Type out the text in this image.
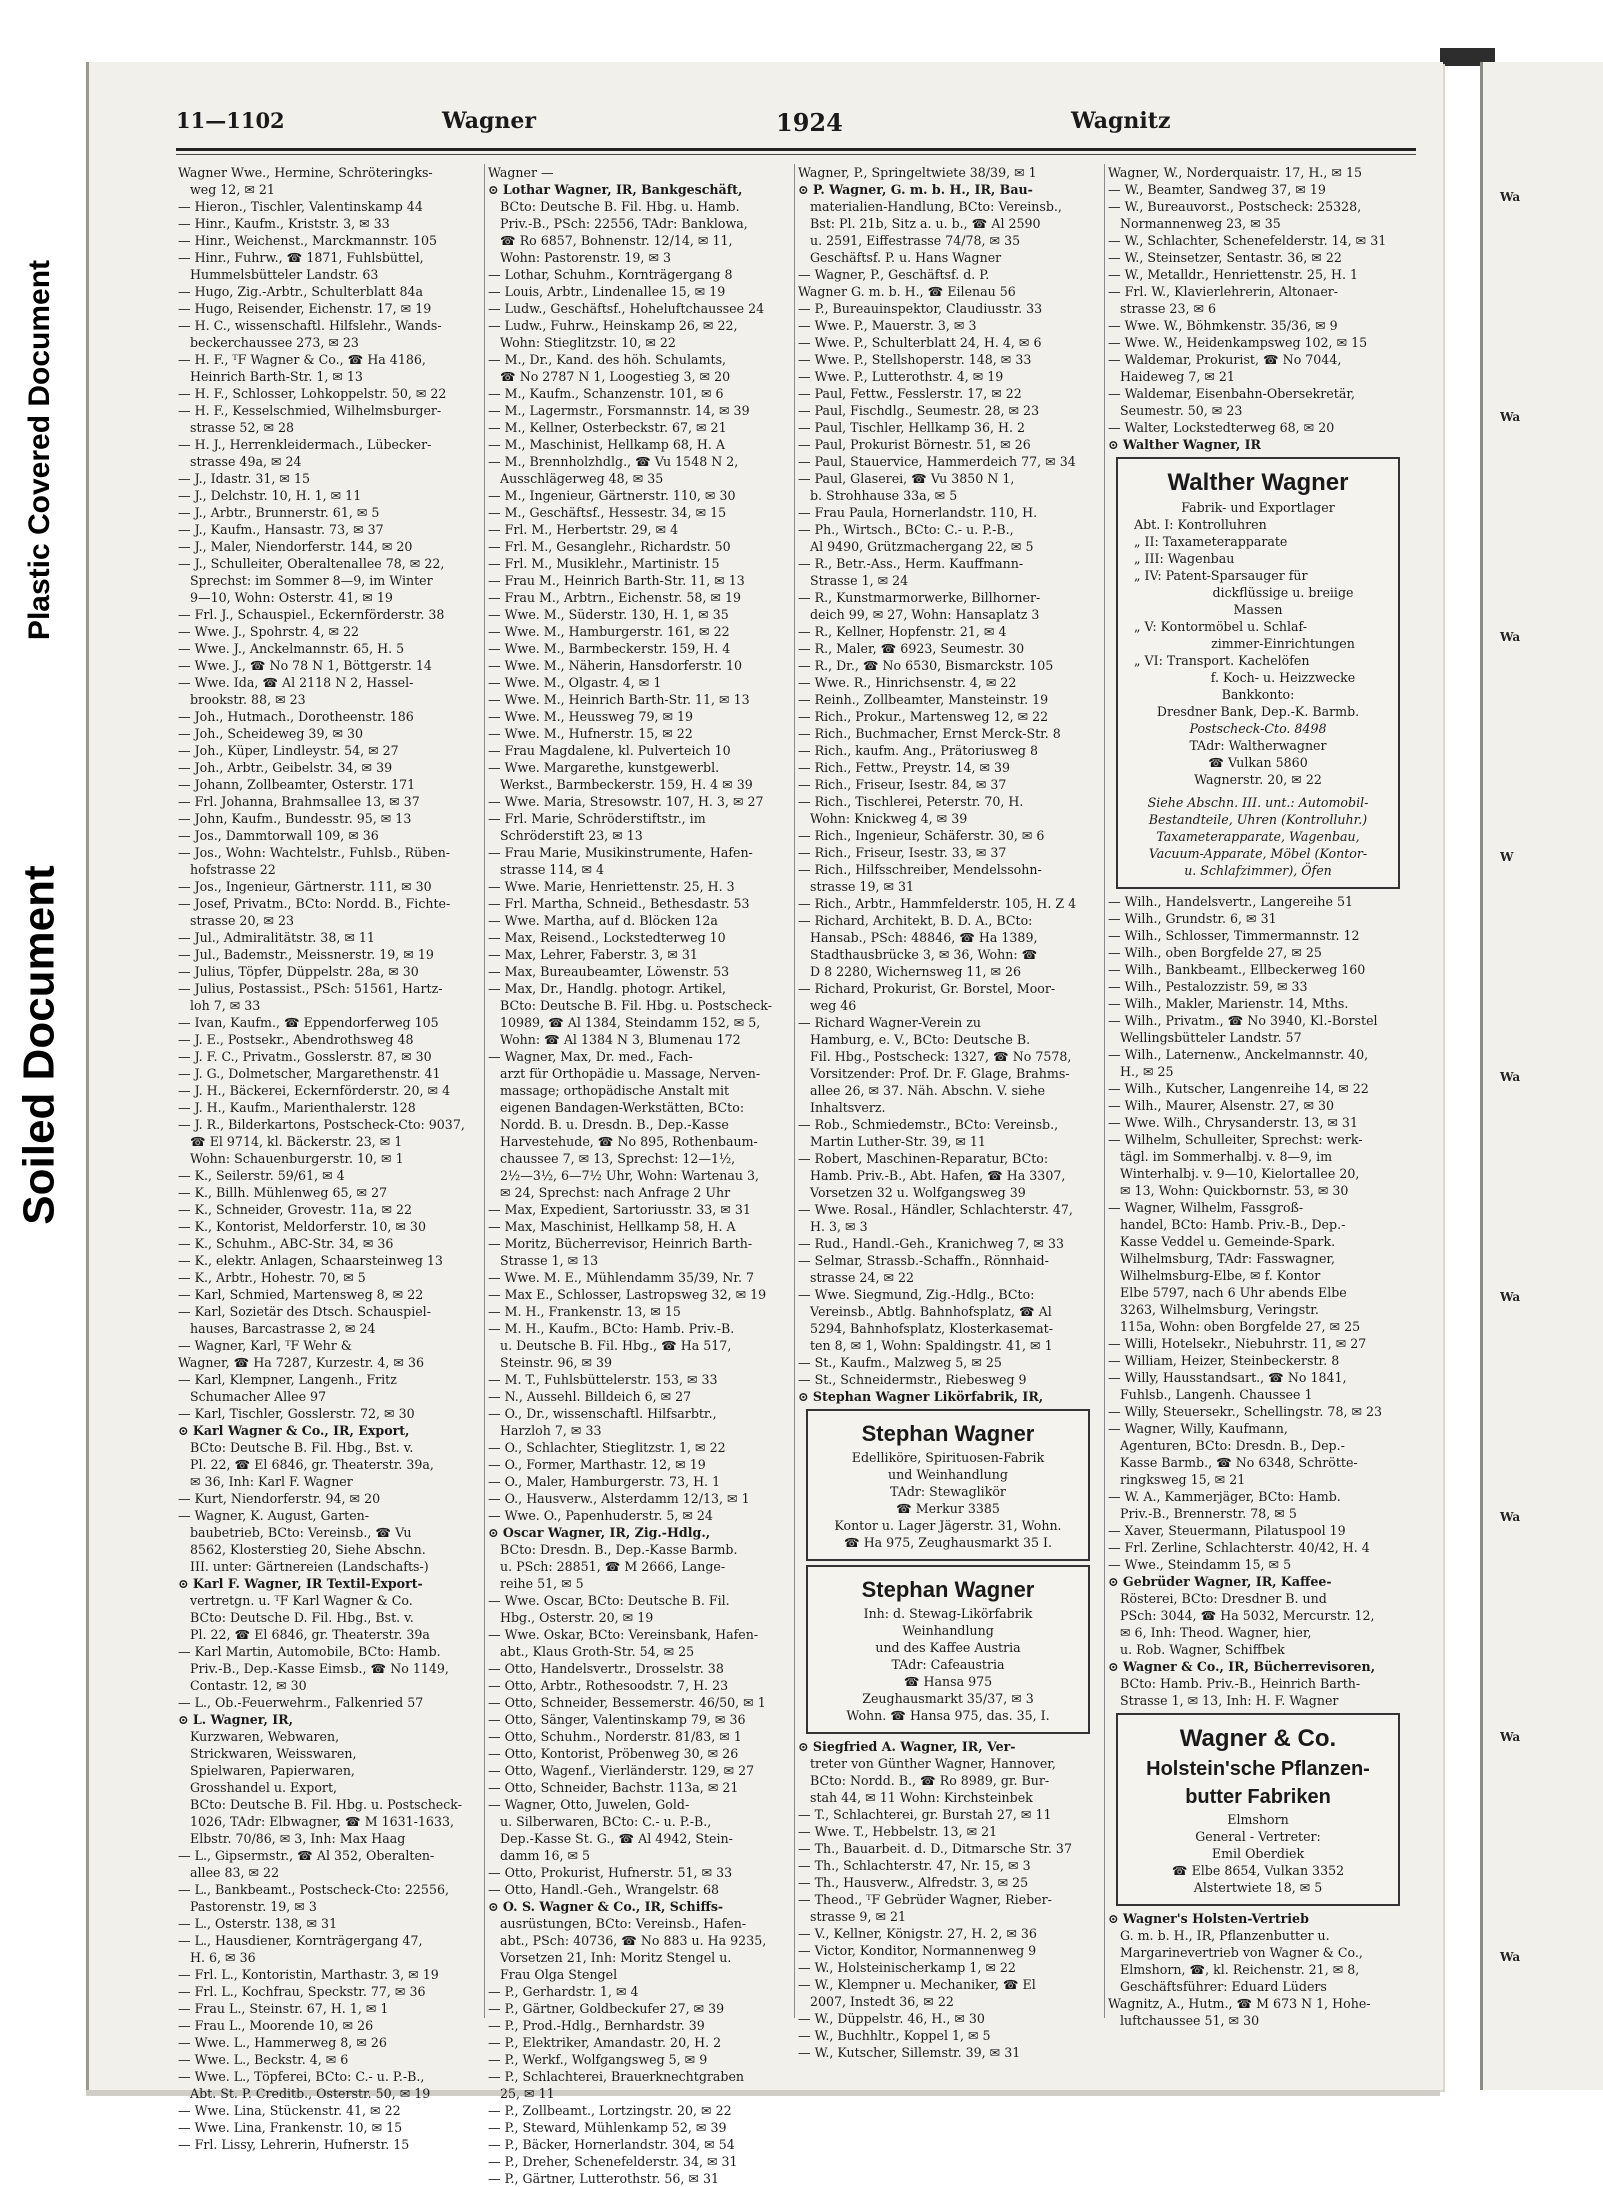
Plastic Covered Document
Soiled Document
11—1102	Wagner	1924	Wagnitz
Wagner Wwe., Hermine, Schröteringks-
weg 12, ✉ 21
— Hieron., Tischler, Valentinskamp 44
— Hinr., Kaufm., Kriststr. 3, ✉ 33
— Hinr., Weichenst., Marckmannstr. 105
— Hinr., Fuhrw., ☎ 1871, Fuhlsbüttel,
Hummelsbütteler Landstr. 63
— Hugo, Zig.-Arbtr., Schulterblatt 84a
— Hugo, Reisender, Eichenstr. 17, ✉ 19
— H. C., wissenschaftl. Hilfslehr., Wands-
beckerchaussee 273, ✉ 23
— H. F., ᵀF Wagner & Co., ☎ Ha 4186,
Heinrich Barth-Str. 1, ✉ 13
— H. F., Schlosser, Lohkoppelstr. 50, ✉ 22
— H. F., Kesselschmied, Wilhelmsburger-
strasse 52, ✉ 28
— H. J., Herrenkleidermach., Lübecker-
strasse 49a, ✉ 24
— J., Idastr. 31, ✉ 15
— J., Delchstr. 10, H. 1, ✉ 11
— J., Arbtr., Brunnerstr. 61, ✉ 5
— J., Kaufm., Hansastr. 73, ✉ 37
— J., Maler, Niendorferstr. 144, ✉ 20
— J., Schulleiter, Oberaltenallee 78, ✉ 22,
Sprechst: im Sommer 8—9, im Winter
9—10, Wohn: Osterstr. 41, ✉ 19
— Frl. J., Schauspiel., Eckernförderstr. 38
— Wwe. J., Spohrstr. 4, ✉ 22
— Wwe. J., Anckelmannstr. 65, H. 5
— Wwe. J., ☎ No 78 N 1, Böttgerstr. 14
— Wwe. Ida, ☎ Al 2118 N 2, Hassel-
brookstr. 88, ✉ 23
— Joh., Hutmach., Dorotheenstr. 186
— Joh., Scheideweg 39, ✉ 30
— Joh., Küper, Lindleystr. 54, ✉ 27
— Joh., Arbtr., Geibelstr. 34, ✉ 39
— Johann, Zollbeamter, Osterstr. 171
— Frl. Johanna, Brahmsallee 13, ✉ 37
— John, Kaufm., Bundesstr. 95, ✉ 13
— Jos., Dammtorwall 109, ✉ 36
— Jos., Wohn: Wachtelstr., Fuhlsb., Rüben-
hofstrasse 22
— Jos., Ingenieur, Gärtnerstr. 111, ✉ 30
— Josef, Privatm., BCto: Nordd. B., Fichte-
strasse 20, ✉ 23
— Jul., Admiralitätstr. 38, ✉ 11
— Jul., Bademstr., Meissnerstr. 19, ✉ 19
— Julius, Töpfer, Düppelstr. 28a, ✉ 30
— Julius, Postassist., PSch: 51561, Hartz-
loh 7, ✉ 33
— Ivan, Kaufm., ☎ Eppendorferweg 105
— J. E., Postsekr., Abendrothsweg 48
— J. F. C., Privatm., Gosslerstr. 87, ✉ 30
— J. G., Dolmetscher, Margarethenstr. 41
— J. H., Bäckerei, Eckernförderstr. 20, ✉ 4
— J. H., Kaufm., Marienthalerstr. 128
— J. R., Bilderkartons, Postscheck-Cto: 9037,
☎ El 9714, kl. Bäckerstr. 23, ✉ 1
Wohn: Schauenburgerstr. 10, ✉ 1
— K., Seilerstr. 59/61, ✉ 4
— K., Billh. Mühlenweg 65, ✉ 27
— K., Schneider, Grovestr. 11a, ✉ 22
— K., Kontorist, Meldorferstr. 10, ✉ 30
— K., Schuhm., ABC-Str. 34, ✉ 36
— K., elektr. Anlagen, Schaarsteinweg 13
— K., Arbtr., Hohestr. 70, ✉ 5
— Karl, Schmied, Martensweg 8, ✉ 22
— Karl, Sozietär des Dtsch. Schauspiel-
hauses, Barcastrasse 2, ✉ 24
— Wagner, Karl, ᵀF Wehr &
Wagner, ☎ Ha 7287, Kurzestr. 4, ✉ 36
— Karl, Klempner, Langenh., Fritz
Schumacher Allee 97
— Karl, Tischler, Gosslerstr. 72, ✉ 30
⊙ Karl Wagner & Co., IR, Export,
BCto: Deutsche B. Fil. Hbg., Bst. v.
Pl. 22, ☎ El 6846, gr. Theaterstr. 39a,
✉ 36, Inh: Karl F. Wagner
— Kurt, Niendorferstr. 94, ✉ 20
— Wagner, K. August, Garten-
baubetrieb, BCto: Vereinsb., ☎ Vu
8562, Klosterstieg 20, Siehe Abschn.
III. unter: Gärtnereien (Landschafts-)
⊙ Karl F. Wagner, IR Textil-Export-
vertretgn. u. ᵀF Karl Wagner & Co.
BCto: Deutsche D. Fil. Hbg., Bst. v.
Pl. 22, ☎ El 6846, gr. Theaterstr. 39a
— Karl Martin, Automobile, BCto: Hamb.
Priv.-B., Dep.-Kasse Eimsb., ☎ No 1149,
Contastr. 12, ✉ 30
— L., Ob.-Feuerwehrm., Falkenried 57
⊙ L. Wagner, IR,
Kurzwaren, Webwaren,
Strickwaren, Weisswaren,
Spielwaren, Papierwaren,
Grosshandel u. Export,
BCto: Deutsche B. Fil. Hbg. u. Postscheck-
1026, TAdr: Elbwagner, ☎ M 1631-1633,
Elbstr. 70/86, ✉ 3, Inh: Max Haag
— L., Gipsermstr., ☎ Al 352, Oberalten-
allee 83, ✉ 22
— L., Bankbeamt., Postscheck-Cto: 22556,
Pastorenstr. 19, ✉ 3
— L., Osterstr. 138, ✉ 31
— L., Hausdiener, Kornträgergang 47,
H. 6, ✉ 36
— Frl. L., Kontoristin, Marthastr. 3, ✉ 19
— Frl. L., Kochfrau, Speckstr. 77, ✉ 36
— Frau L., Steinstr. 67, H. 1, ✉ 1
— Frau L., Moorende 10, ✉ 26
— Wwe. L., Hammerweg 8, ✉ 26
— Wwe. L., Beckstr. 4, ✉ 6
— Wwe. L., Töpferei, BCto: C.- u. P.-B.,
Abt. St. P. Creditb., Osterstr. 50, ✉ 19
— Wwe. Lina, Stückenstr. 41, ✉ 22
— Wwe. Lina, Frankenstr. 10, ✉ 15
— Frl. Lissy, Lehrerin, Hufnerstr. 15
Wagner —
⊙ Lothar Wagner, IR, Bankgeschäft,
BCto: Deutsche B. Fil. Hbg. u. Hamb.
Priv.-B., PSch: 22556, TAdr: Banklowa,
☎ Ro 6857, Bohnenstr. 12/14, ✉ 11,
Wohn: Pastorenstr. 19, ✉ 3
— Lothar, Schuhm., Kornträgergang 8
— Louis, Arbtr., Lindenallee 15, ✉ 19
— Ludw., Geschäftsf., Hoheluftchaussee 24
— Ludw., Fuhrw., Heinskamp 26, ✉ 22,
Wohn: Stieglitzstr. 10, ✉ 22
— M., Dr., Kand. des höh. Schulamts,
☎ No 2787 N 1, Loogestieg 3, ✉ 20
— M., Kaufm., Schanzenstr. 101, ✉ 6
— M., Lagermstr., Forsmannstr. 14, ✉ 39
— M., Kellner, Osterbeckstr. 67, ✉ 21
— M., Maschinist, Hellkamp 68, H. A
— M., Brennholzhdlg., ☎ Vu 1548 N 2,
Ausschlägerweg 48, ✉ 35
— M., Ingenieur, Gärtnerstr. 110, ✉ 30
— M., Geschäftsf., Hessestr. 34, ✉ 15
— Frl. M., Herbertstr. 29, ✉ 4
— Frl. M., Gesanglehr., Richardstr. 50
— Frl. M., Musiklehr., Martinistr. 15
— Frau M., Heinrich Barth-Str. 11, ✉ 13
— Frau M., Arbtrn., Eichenstr. 58, ✉ 19
— Wwe. M., Süderstr. 130, H. 1, ✉ 35
— Wwe. M., Hamburgerstr. 161, ✉ 22
— Wwe. M., Barmbeckerstr. 159, H. 4
— Wwe. M., Näherin, Hansdorferstr. 10
— Wwe. M., Olgastr. 4, ✉ 1
— Wwe. M., Heinrich Barth-Str. 11, ✉ 13
— Wwe. M., Heussweg 79, ✉ 19
— Wwe. M., Hufnerstr. 15, ✉ 22
— Frau Magdalene, kl. Pulverteich 10
— Wwe. Margarethe, kunstgewerbl.
Werkst., Barmbeckerstr. 159, H. 4 ✉ 39
— Wwe. Maria, Stresowstr. 107, H. 3, ✉ 27
— Frl. Marie, Schröderstiftstr., im
Schröderstift 23, ✉ 13
— Frau Marie, Musikinstrumente, Hafen-
strasse 114, ✉ 4
— Wwe. Marie, Henriettenstr. 25, H. 3
— Frl. Martha, Schneid., Bethesdastr. 53
— Wwe. Martha, auf d. Blöcken 12a
— Max, Reisend., Lockstedterweg 10
— Max, Lehrer, Faberstr. 3, ✉ 31
— Max, Bureaubeamter, Löwenstr. 53
— Max, Dr., Handlg. photogr. Artikel,
BCto: Deutsche B. Fil. Hbg. u. Postscheck-
10989, ☎ Al 1384, Steindamm 152, ✉ 5,
Wohn: ☎ Al 1384 N 3, Blumenau 172
— Wagner, Max, Dr. med., Fach-
arzt für Orthopädie u. Massage, Nerven-
massage; orthopädische Anstalt mit
eigenen Bandagen-Werkstätten, BCto:
Nordd. B. u. Dresdn. B., Dep.-Kasse
Harvestehude, ☎ No 895, Rothenbaum-
chaussee 7, ✉ 13, Sprechst: 12—1½,
2½—3½, 6—7½ Uhr, Wohn: Wartenau 3,
✉ 24, Sprechst: nach Anfrage 2 Uhr
— Max, Expedient, Sartoriusstr. 33, ✉ 31
— Max, Maschinist, Hellkamp 58, H. A
— Moritz, Bücherrevisor, Heinrich Barth-
Strasse 1, ✉ 13
— Wwe. M. E., Mühlendamm 35/39, Nr. 7
— Max E., Schlosser, Lastropsweg 32, ✉ 19
— M. H., Frankenstr. 13, ✉ 15
— M. H., Kaufm., BCto: Hamb. Priv.-B.
u. Deutsche B. Fil. Hbg., ☎ Ha 517,
Steinstr. 96, ✉ 39
— M. T., Fuhlsbüttelerstr. 153, ✉ 33
— N., Aussehl. Billdeich 6, ✉ 27
— O., Dr., wissenschaftl. Hilfsarbtr.,
Harzloh 7, ✉ 33
— O., Schlachter, Stieglitzstr. 1, ✉ 22
— O., Former, Marthastr. 12, ✉ 19
— O., Maler, Hamburgerstr. 73, H. 1
— O., Hausverw., Alsterdamm 12/13, ✉ 1
— Wwe. O., Papenhuderstr. 5, ✉ 24
⊙ Oscar Wagner, IR, Zig.-Hdlg.,
BCto: Dresdn. B., Dep.-Kasse Barmb.
u. PSch: 28851, ☎ M 2666, Lange-
reihe 51, ✉ 5
— Wwe. Oscar, BCto: Deutsche B. Fil.
Hbg., Osterstr. 20, ✉ 19
— Wwe. Oskar, BCto: Vereinsbank, Hafen-
abt., Klaus Groth-Str. 54, ✉ 25
— Otto, Handelsvertr., Drosselstr. 38
— Otto, Arbtr., Rothesoodstr. 7, H. 23
— Otto, Schneider, Bessemerstr. 46/50, ✉ 1
— Otto, Sänger, Valentinskamp 79, ✉ 36
— Otto, Schuhm., Norderstr. 81/83, ✉ 1
— Otto, Kontorist, Pröbenweg 30, ✉ 26
— Otto, Wagenf., Vierländerstr. 129, ✉ 27
— Otto, Schneider, Bachstr. 113a, ✉ 21
— Wagner, Otto, Juwelen, Gold-
u. Silberwaren, BCto: C.- u. P.-B.,
Dep.-Kasse St. G., ☎ Al 4942, Stein-
damm 16, ✉ 5
— Otto, Prokurist, Hufnerstr. 51, ✉ 33
— Otto, Handl.-Geh., Wrangelstr. 68
⊙ O. S. Wagner & Co., IR, Schiffs-
ausrüstungen, BCto: Vereinsb., Hafen-
abt., PSch: 40736, ☎ No 883 u. Ha 9235,
Vorsetzen 21, Inh: Moritz Stengel u.
Frau Olga Stengel
— P., Gerhardstr. 1, ✉ 4
— P., Gärtner, Goldbeckufer 27, ✉ 39
— P., Prod.-Hdlg., Bernhardstr. 39
— P., Elektriker, Amandastr. 20, H. 2
— P., Werkf., Wolfgangsweg 5, ✉ 9
— P., Schlachterei, Brauerknechtgraben
25, ✉ 11
— P., Zollbeamt., Lortzingstr. 20, ✉ 22
— P., Steward, Mühlenkamp 52, ✉ 39
— P., Bäcker, Hornerlandstr. 304, ✉ 54
— P., Dreher, Schenefelderstr. 34, ✉ 31
— P., Gärtner, Lutterothstr. 56, ✉ 31
Wagner, P., Springeltwiete 38/39, ✉ 1
⊙ P. Wagner, G. m. b. H., IR, Bau-
materialien-Handlung, BCto: Vereinsb.,
Bst: Pl. 21b, Sitz a. u. b., ☎ Al 2590
u. 2591, Eiffestrasse 74/78, ✉ 35
Geschäftsf. P. u. Hans Wagner
— Wagner, P., Geschäftsf. d. P.
Wagner G. m. b. H., ☎ Eilenau 56
— P., Bureauinspektor, Claudiusstr. 33
— Wwe. P., Mauerstr. 3, ✉ 3
— Wwe. P., Schulterblatt 24, H. 4, ✉ 6
— Wwe. P., Stellshoperstr. 148, ✉ 33
— Wwe. P., Lutterothstr. 4, ✉ 19
— Paul, Fettw., Fesslerstr. 17, ✉ 22
— Paul, Fischdlg., Seumestr. 28, ✉ 23
— Paul, Tischler, Hellkamp 36, H. 2
— Paul, Prokurist Börnestr. 51, ✉ 26
— Paul, Stauervice, Hammerdeich 77, ✉ 34
— Paul, Glaserei, ☎ Vu 3850 N 1,
b. Strohhause 33a, ✉ 5
— Frau Paula, Hornerlandstr. 110, H.
— Ph., Wirtsch., BCto: C.- u. P.-B.,
Al 9490, Grützmachergang 22, ✉ 5
— R., Betr.-Ass., Herm. Kauffmann-
Strasse 1, ✉ 24
— R., Kunstmarmorwerke, Billhorner-
deich 99, ✉ 27, Wohn: Hansaplatz 3
— R., Kellner, Hopfenstr. 21, ✉ 4
— R., Maler, ☎ 6923, Seumestr. 30
— R., Dr., ☎ No 6530, Bismarckstr. 105
— Wwe. R., Hinrichsenstr. 4, ✉ 22
— Reinh., Zollbeamter, Mansteinstr. 19
— Rich., Prokur., Martensweg 12, ✉ 22
— Rich., Buchmacher, Ernst Merck-Str. 8
— Rich., kaufm. Ang., Prätoriusweg 8
— Rich., Fettw., Preystr. 14, ✉ 39
— Rich., Friseur, Isestr. 84, ✉ 37
— Rich., Tischlerei, Peterstr. 70, H.
Wohn: Knickweg 4, ✉ 39
— Rich., Ingenieur, Schäferstr. 30, ✉ 6
— Rich., Friseur, Isestr. 33, ✉ 37
— Rich., Hilfsschreiber, Mendelssohn-
strasse 19, ✉ 31
— Rich., Arbtr., Hammfelderstr. 105, H. Z 4
— Richard, Architekt, B. D. A., BCto:
Hansab., PSch: 48846, ☎ Ha 1389,
Stadthausbrücke 3, ✉ 36, Wohn: ☎
D 8 2280, Wichernsweg 11, ✉ 26
— Richard, Prokurist, Gr. Borstel, Moor-
weg 46
— Richard Wagner-Verein zu
Hamburg, e. V., BCto: Deutsche B.
Fil. Hbg., Postscheck: 1327, ☎ No 7578,
Vorsitzender: Prof. Dr. F. Glage, Brahms-
allee 26, ✉ 37. Näh. Abschn. V. siehe
Inhaltsverz.
— Rob., Schmiedemstr., BCto: Vereinsb.,
Martin Luther-Str. 39, ✉ 11
— Robert, Maschinen-Reparatur, BCto:
Hamb. Priv.-B., Abt. Hafen, ☎ Ha 3307,
Vorsetzen 32 u. Wolfgangsweg 39
— Wwe. Rosal., Händler, Schlachterstr. 47,
H. 3, ✉ 3
— Rud., Handl.-Geh., Kranichweg 7, ✉ 33
— Selmar, Strassb.-Schaffn., Rönnhaid-
strasse 24, ✉ 22
— Wwe. Siegmund, Zig.-Hdlg., BCto:
Vereinsb., Abtlg. Bahnhofsplatz, ☎ Al
5294, Bahnhofsplatz, Klosterkasemat-
ten 8, ✉ 1, Wohn: Spaldingstr. 41, ✉ 1
— St., Kaufm., Malzweg 5, ✉ 25
— St., Schneidermstr., Riebesweg 9
⊙ Stephan Wagner Likörfabrik, IR,
Stephan Wagner
Edelliköre, Spirituosen-Fabrik
und Weinhandlung
TAdr: Stewaglikör
☎ Merkur 3385
Kontor u. Lager Jägerstr. 31, Wohn.
☎ Ha 975, Zeughausmarkt 35 I.
Stephan Wagner
Inh: d. Stewag-Likörfabrik
Weinhandlung
und des Kaffee Austria
TAdr: Cafeaustria
☎ Hansa 975
Zeughausmarkt 35/37, ✉ 3
Wohn. ☎ Hansa 975, das. 35, I.
⊙ Siegfried A. Wagner, IR, Ver-
treter von Günther Wagner, Hannover,
BCto: Nordd. B., ☎ Ro 8989, gr. Bur-
stah 44, ✉ 11 Wohn: Kirchsteinbek
— T., Schlachterei, gr. Burstah 27, ✉ 11
— Wwe. T., Hebbelstr. 13, ✉ 21
— Th., Bauarbeit. d. D., Ditmarsche Str. 37
— Th., Schlachterstr. 47, Nr. 15, ✉ 3
— Th., Hausverw., Alfredstr. 3, ✉ 25
— Theod., ᵀF Gebrüder Wagner, Rieber-
strasse 9, ✉ 21
— V., Kellner, Königstr. 27, H. 2, ✉ 36
— Victor, Konditor, Normannenweg 9
— W., Holsteinischerkamp 1, ✉ 22
— W., Klempner u. Mechaniker, ☎ El
2007, Instedt 36, ✉ 22
— W., Düppelstr. 46, H., ✉ 30
— W., Buchhltr., Koppel 1, ✉ 5
— W., Kutscher, Sillemstr. 39, ✉ 31
Wagner, W., Norderquaistr. 17, H., ✉ 15
— W., Beamter, Sandweg 37, ✉ 19
— W., Bureauvorst., Postscheck: 25328,
Normannenweg 23, ✉ 35
— W., Schlachter, Schenefelderstr. 14, ✉ 31
— W., Steinsetzer, Sentastr. 36, ✉ 22
— W., Metalldr., Henriettenstr. 25, H. 1
— Frl. W., Klavierlehrerin, Altonaer-
strasse 23, ✉ 6
— Wwe. W., Böhmkenstr. 35/36, ✉ 9
— Wwe. W., Heidenkampsweg 102, ✉ 15
— Waldemar, Prokurist, ☎ No 7044,
Haideweg 7, ✉ 21
— Waldemar, Eisenbahn-Obersekretär,
Seumestr. 50, ✉ 23
— Walter, Lockstedterweg 68, ✉ 20
⊙ Walther Wagner, IR
Walther Wagner
Fabrik- und Exportlager
Abt. I: Kontrolluhren
„ II: Taxameterapparate
„ III: Wagenbau
„ IV: Patent-Sparsauger für
dickflüssige u. breiige
Massen
„ V: Kontormöbel u. Schlaf-
zimmer-Einrichtungen
„ VI: Transport. Kachelöfen
f. Koch- u. Heizzwecke
Bankkonto:
Dresdner Bank, Dep.-K. Barmb.
Postscheck-Cto. 8498
TAdr: Waltherwagner
☎ Vulkan 5860
Wagnerstr. 20, ✉ 22
Siehe Abschn. III. unt.: Automobil-
Bestandteile, Uhren (Kontrolluhr.)
Taxameterapparate, Wagenbau,
Vacuum-Apparate, Möbel (Kontor-
u. Schlafzimmer), Öfen
— Wilh., Handelsvertr., Langereihe 51
— Wilh., Grundstr. 6, ✉ 31
— Wilh., Schlosser, Timmermannstr. 12
— Wilh., oben Borgfelde 27, ✉ 25
— Wilh., Bankbeamt., Ellbeckerweg 160
— Wilh., Pestalozzistr. 59, ✉ 33
— Wilh., Makler, Marienstr. 14, Mths.
— Wilh., Privatm., ☎ No 3940, Kl.-Borstel
Wellingsbütteler Landstr. 57
— Wilh., Laternenw., Anckelmannstr. 40,
H., ✉ 25
— Wilh., Kutscher, Langenreihe 14, ✉ 22
— Wilh., Maurer, Alsenstr. 27, ✉ 30
— Wwe. Wilh., Chrysanderstr. 13, ✉ 31
— Wilhelm, Schulleiter, Sprechst: werk-
tägl. im Sommerhalbj. v. 8—9, im
Winterhalbj. v. 9—10, Kielortallee 20,
✉ 13, Wohn: Quickbornstr. 53, ✉ 30
— Wagner, Wilhelm, Fassgroß-
handel, BCto: Hamb. Priv.-B., Dep.-
Kasse Veddel u. Gemeinde-Spark.
Wilhelmsburg, TAdr: Fasswagner,
Wilhelmsburg-Elbe, ✉ f. Kontor
Elbe 5797, nach 6 Uhr abends Elbe
3263, Wilhelmsburg, Veringstr.
115a, Wohn: oben Borgfelde 27, ✉ 25
— Willi, Hotelsekr., Niebuhrstr. 11, ✉ 27
— William, Heizer, Steinbeckerstr. 8
— Willy, Hausstandsart., ☎ No 1841,
Fuhlsb., Langenh. Chaussee 1
— Willy, Steuersekr., Schellingstr. 78, ✉ 23
— Wagner, Willy, Kaufmann,
Agenturen, BCto: Dresdn. B., Dep.-
Kasse Barmb., ☎ No 6348, Schrötte-
ringksweg 15, ✉ 21
— W. A., Kammerjäger, BCto: Hamb.
Priv.-B., Brennerstr. 78, ✉ 5
— Xaver, Steuermann, Pilatuspool 19
— Frl. Zerline, Schlachterstr. 40/42, H. 4
— Wwe., Steindamm 15, ✉ 5
⊙ Gebrüder Wagner, IR, Kaffee-
Rösterei, BCto: Dresdner B. und
PSch: 3044, ☎ Ha 5032, Mercurstr. 12,
✉ 6, Inh: Theod. Wagner, hier,
u. Rob. Wagner, Schiffbek
⊙ Wagner & Co., IR, Bücherrevisoren,
BCto: Hamb. Priv.-B., Heinrich Barth-
Strasse 1, ✉ 13, Inh: H. F. Wagner
Wagner & Co.
Holstein'sche Pflanzen-
butter Fabriken
Elmshorn
General - Vertreter:
Emil Oberdiek
☎ Elbe 8654, Vulkan 3352
Alstertwiete 18, ✉ 5
⊙ Wagner's Holsten-Vertrieb
G. m. b. H., IR, Pflanzenbutter u.
Margarinevertrieb von Wagner & Co.,
Elmshorn, ☎, kl. Reichenstr. 21, ✉ 8,
Geschäftsführer: Eduard Lüders
Wagnitz, A., Hutm., ☎ M 673 N 1, Hohe-
luftchaussee 51, ✉ 30
Wa
Wa
Wa
W
Wa
Wa
Wa
Wa
Wa
